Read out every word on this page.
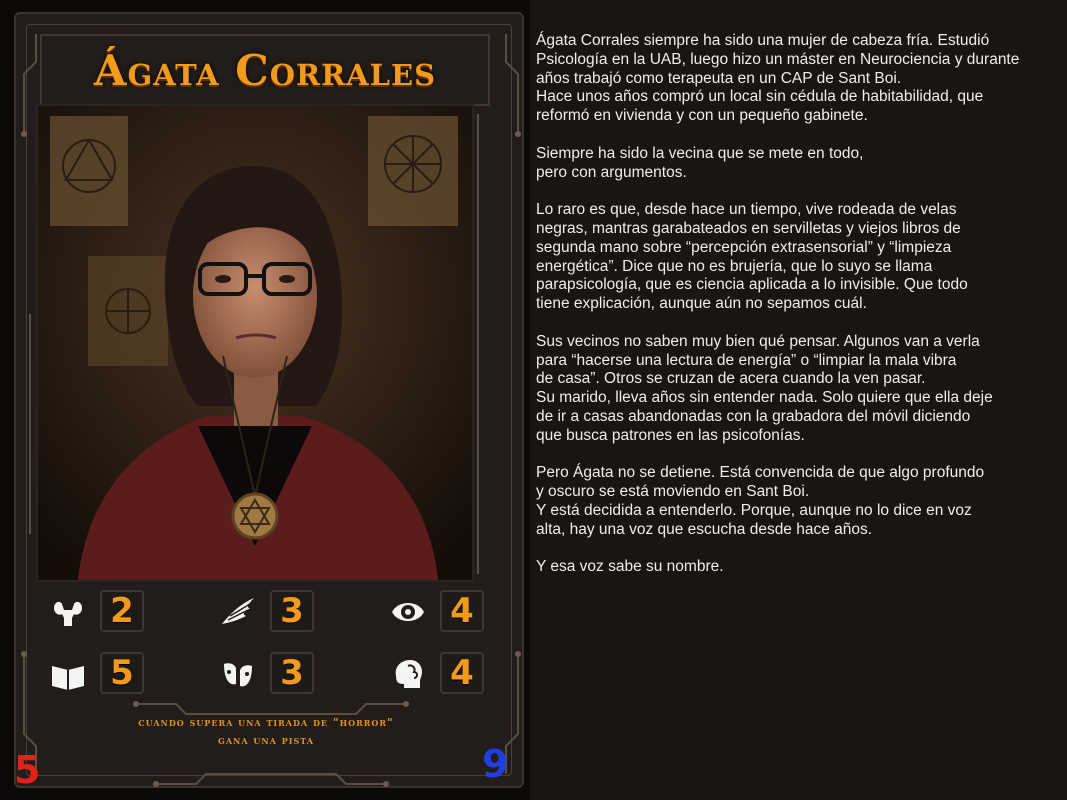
Ágata Corrales
2	3	4
5	3	4
cuando supera una tirada de "horror"
gana una pista
5	9

Ágata Corrales siempre ha sido una mujer de cabeza fría. Estudió
Psicología en la UAB, luego hizo un máster en Neurociencia y durante
años trabajó como terapeuta en un CAP de Sant Boi.
Hace unos años compró un local sin cédula de habitabilidad, que
reformó en vivienda y con un pequeño gabinete.

Siempre ha sido la vecina que se mete en todo,
pero con argumentos.

Lo raro es que, desde hace un tiempo, vive rodeada de velas
negras, mantras garabateados en servilletas y viejos libros de
segunda mano sobre “percepción extrasensorial” y “limpieza
energética”. Dice que no es brujería, que lo suyo se llama
parapsicología, que es ciencia aplicada a lo invisible. Que todo
tiene explicación, aunque aún no sepamos cuál.

Sus vecinos no saben muy bien qué pensar. Algunos van a verla
para “hacerse una lectura de energía” o “limpiar la mala vibra
de casa”. Otros se cruzan de acera cuando la ven pasar.
Su marido, lleva años sin entender nada. Solo quiere que ella deje
de ir a casas abandonadas con la grabadora del móvil diciendo
que busca patrones en las psicofonías.

Pero Ágata no se detiene. Está convencida de que algo profundo
y oscuro se está moviendo en Sant Boi.
Y está decidida a entenderlo. Porque, aunque no lo dice en voz
alta, hay una voz que escucha desde hace años.

Y esa voz sabe su nombre.
